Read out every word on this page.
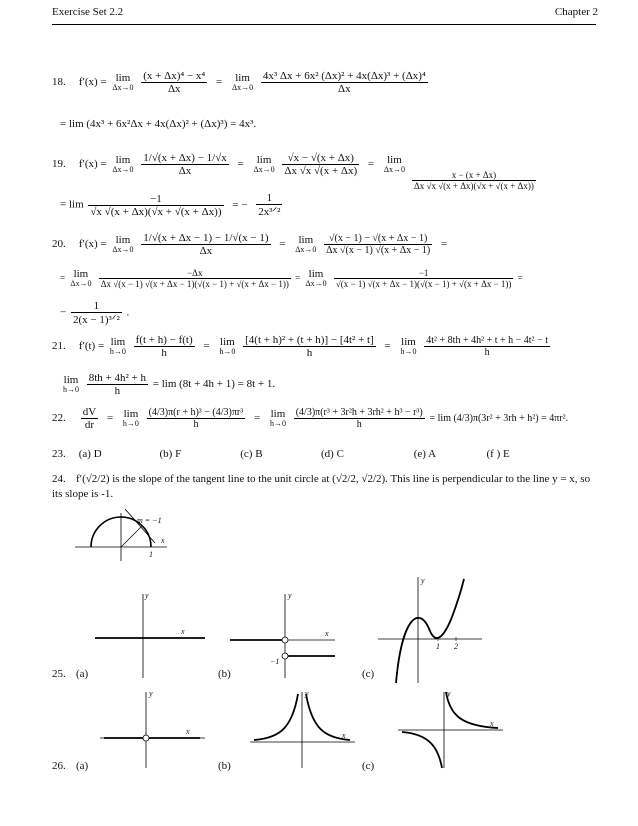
Exercise Set 2.2	Chapter 2
18. f′(x) = lim
Δx→0
$\frac{\text{(x + Δx)⁴ − x⁴}}{\Delta x} = \lim$
Δx→0
$\frac{\text{4x³ Δx + 6x² (Δx)² + 4x(Δx)³ + (Δx)⁴}}{\Delta x}$
= lim (4x³ + 6x²Δx + 4x(Δx)² + (Δx)³) = 4x³.
19. f′(x) = lim
Δx→0
$\frac{1/√(x + \Delta x) - 1/√x}{\Delta x} = \lim$
Δx→0
$\frac{√x - √(x + \Delta x)}{\Delta x √x √(x + \Delta x)} = \lim$
Δx→0
$\frac{x - (x + \Delta x)}{\Delta x √x √(x + \Delta x)(√x + √(x + \Delta x))}$
= $\lim \frac{-1}{√x √(x + \Delta x)(√x + √(x + \Delta x))}$ = − $\frac{1}{\text{2x³ᐟ²}}$
20. f′(x) = lim
Δx→0
$\frac{1/√(x + \Delta x - 1) - 1/√(x - 1)}{\Delta x} = \lim$
Δx→0
$\frac{√(x - 1) - √(x + \Delta x - 1)}{\Delta x √(x - 1) √(x + \Delta x - 1)}$ =
= lim
Δx→0
$\frac{-\Delta x}{\Delta x √(x - 1) √(x + \Delta x - 1)(√(x - 1) + √(x + \Delta x - 1))} = \lim$
Δx→0
$\frac{-1}{√(x - 1) √(x + \Delta x - 1)(√(x - 1) + √(x + \Delta x - 1))}$ =
− $\frac{1}{\text{2(x − 1)³ᐟ²}}$ .
21. f′(t) = lim
h→0
$\frac{f(t + h) - f(t)}{h} = \lim$
h→0
$\frac{\text{[4(t + h)² + (t + h)] − [4t² + t]}}{h} = \lim$
h→0
$\frac{\text{4t² + 8th + 4h² + t + h − 4t² − t}}{h}$
lim
h→0
$\frac{\text{8th + 4h² + h}}{h} = \lim (8t + 4h + 1) = 8t + 1$.
22. $\frac{dV}{dr} = \lim$
h→0
$\frac{\text{(4/3)π(r + h)³ − (4/3)πr³}}{h} = \lim$
h→0
$\frac{\text{(4/3)π(r³ + 3r²h + 3rh² + h³ − r³)}}{h} = \lim (4/3)\pi(3r^2 + 3rh + h^2) = 4\pi r^2$.
23. (a) D	(b) F	(c) B	(d) C	(e) A	(f ) E
24. f′(√2/2) is the slope of the tangent line to the unit circle at (√2/2, √2/2). This line is perpendicular to the line y = x, so its slope is -1.
m = −1
x
1
y
x
y
x
−1
y
1 2
25. (a)	(b)	(c)
y
x
y
x
y
x
26. (a)	(b)	(c)
